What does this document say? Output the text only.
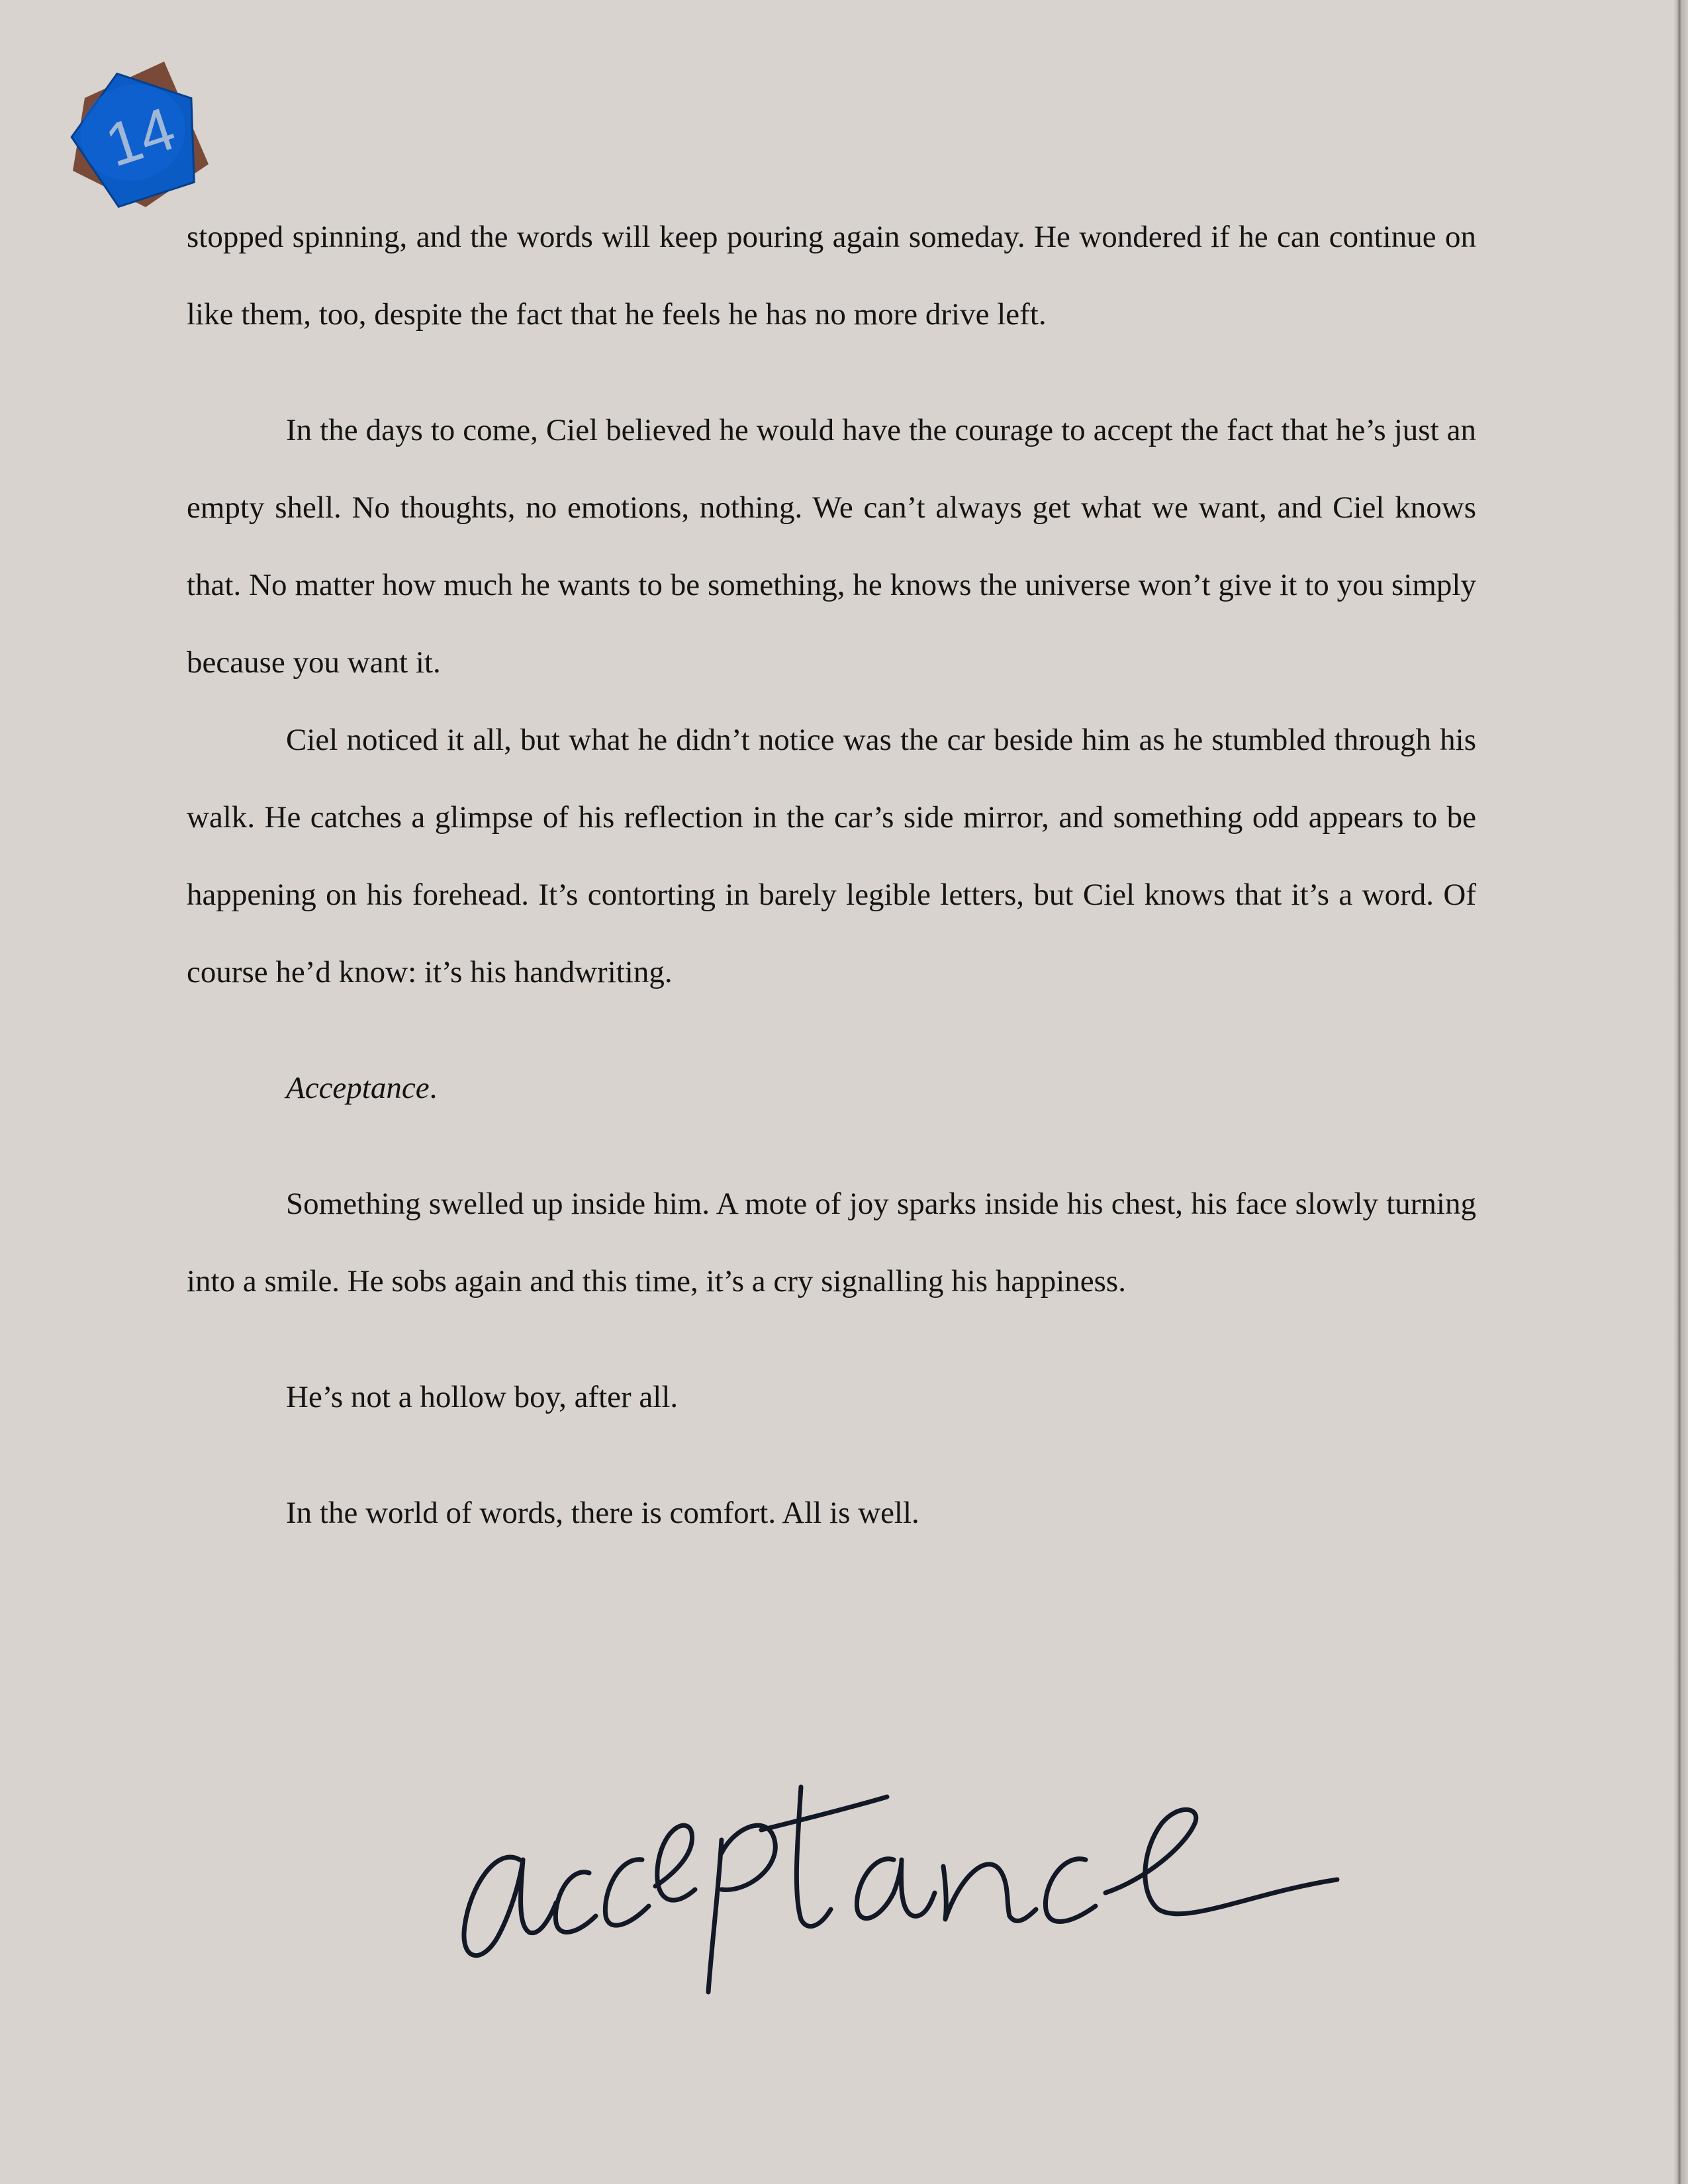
14

stopped spinning, and the words will keep pouring again someday. He wondered if he can continue on like them, too, despite the fact that he feels he has no more drive left.

In the days to come, Ciel believed he would have the courage to accept the fact that he’s just an empty shell. No thoughts, no emotions, nothing. We can’t always get what we want, and Ciel knows that. No matter how much he wants to be something, he knows the universe won’t give it to you simply because you want it.

Ciel noticed it all, but what he didn’t notice was the car beside him as he stumbled through his walk. He catches a glimpse of his reflection in the car’s side mirror, and something odd appears to be happening on his forehead. It’s contorting in barely legible letters, but Ciel knows that it’s a word. Of course he’d know: it’s his handwriting.

Acceptance.

Something swelled up inside him. A mote of joy sparks inside his chest, his face slowly turning into a smile. He sobs again and this time, it’s a cry signalling his happiness.

He’s not a hollow boy, after all.

In the world of words, there is comfort. All is well.
